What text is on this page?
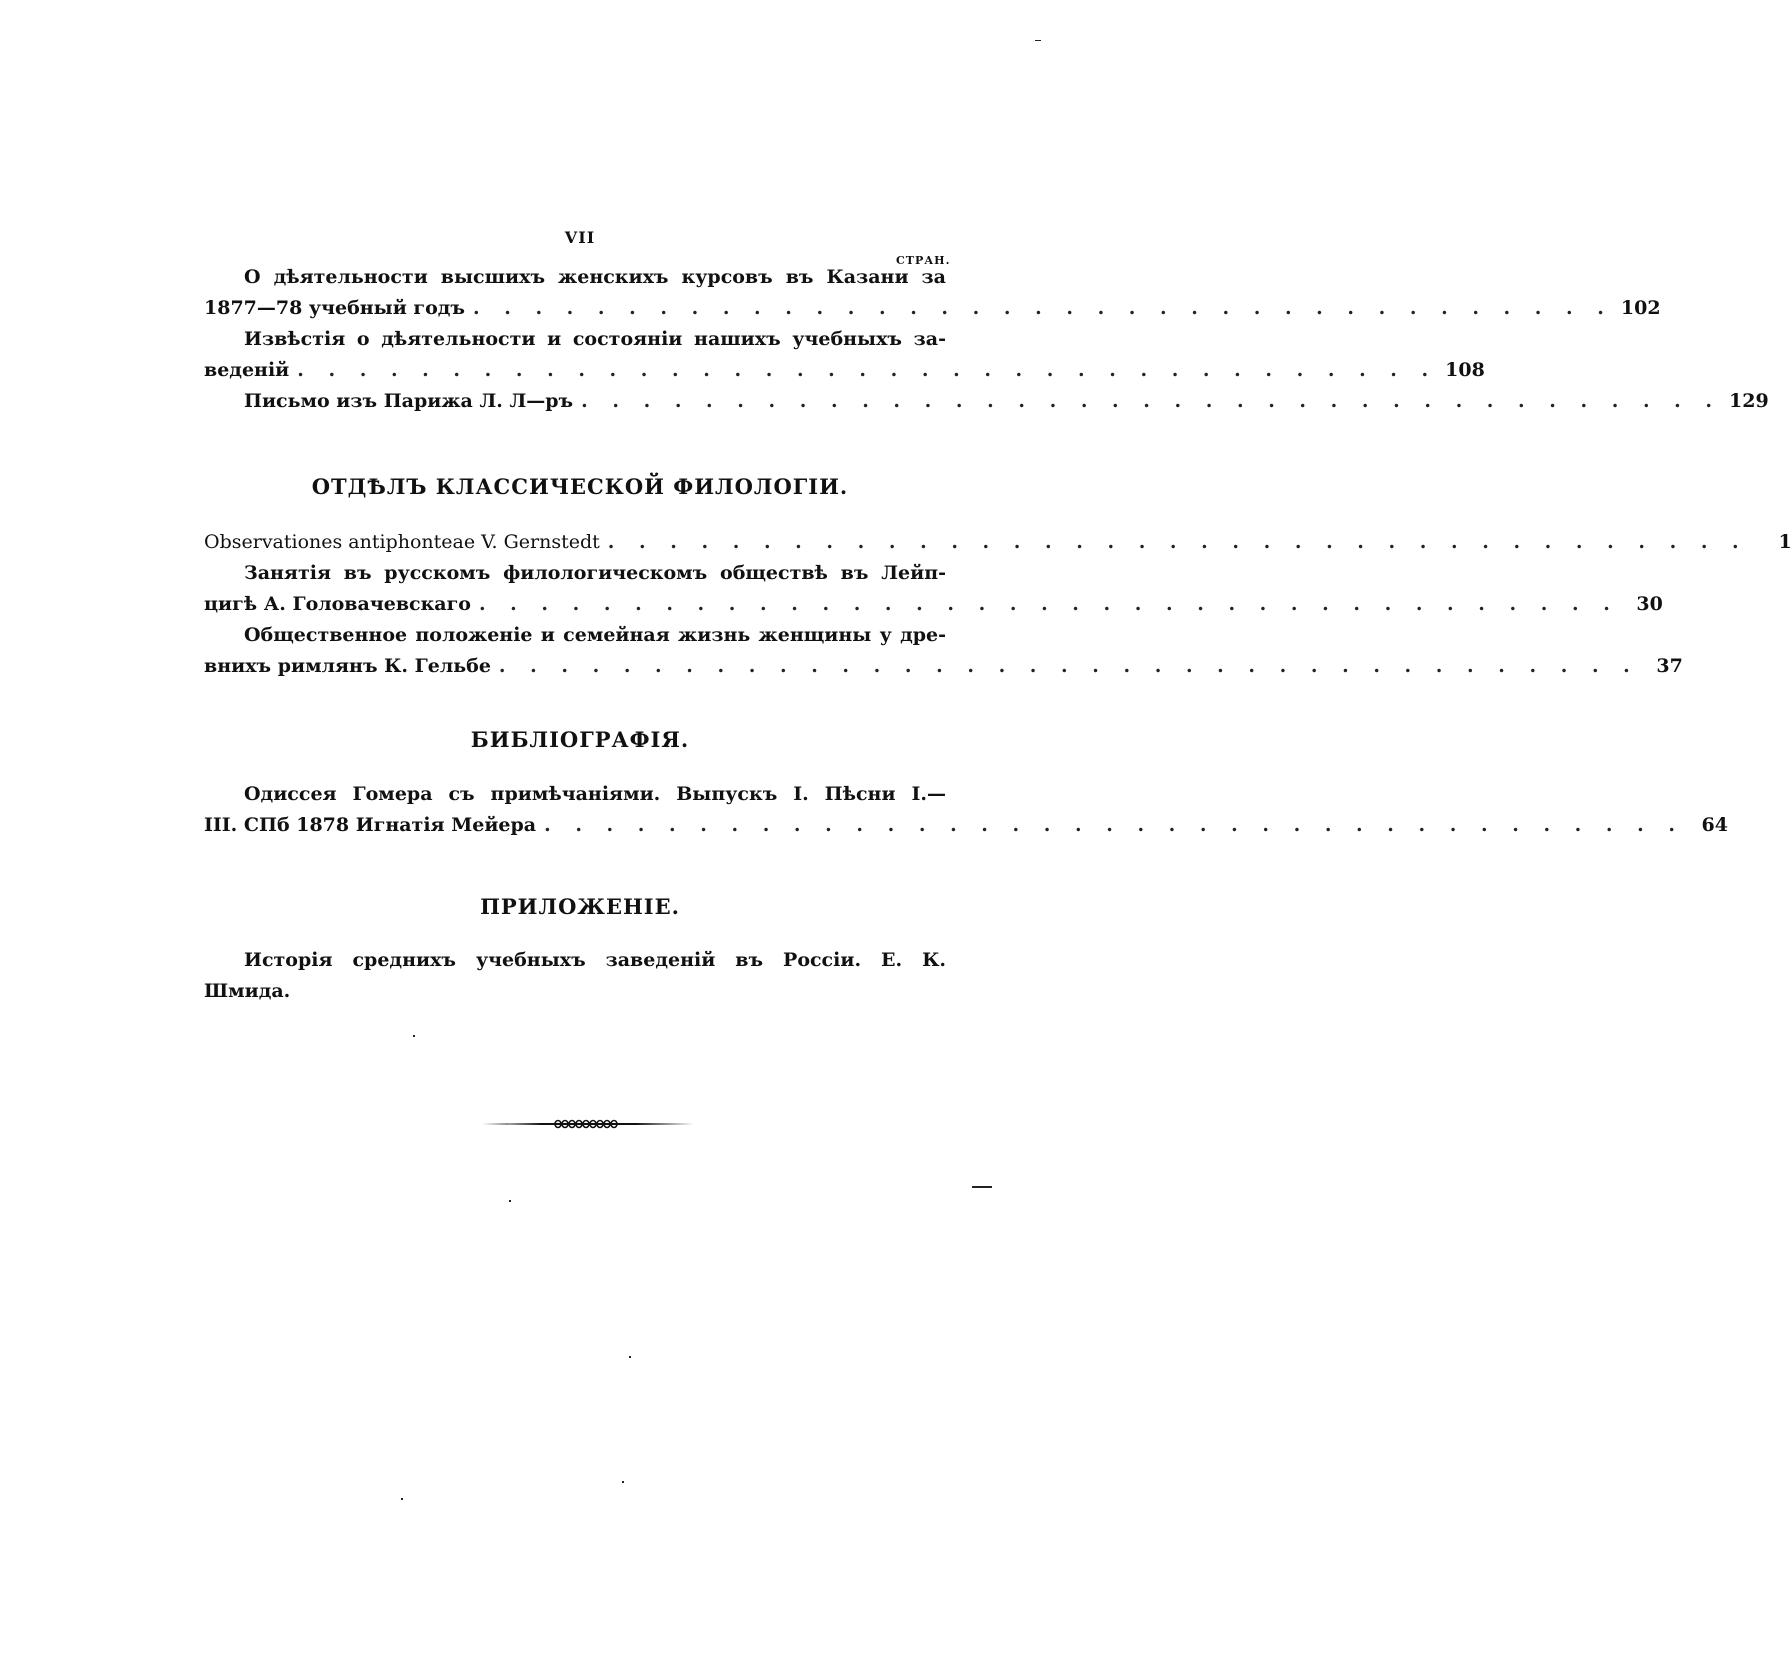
VII
СТРАН.
О дѣятельности высшихъ женскихъ курсовъ въ Казани за
1877—78 учебный годъ . . . . . . . . . . . . . . . . . . . . . . . . . . . . . . . . . . . . . 102
Извѣстія о дѣятельности и состояніи нашихъ учебныхъ за-
веденій . . . . . . . . . . . . . . . . . . . . . . . . . . . . . . . . . . . . . 108
Письмо изъ Парижа Л. Л—ръ . . . . . . . . . . . . . . . . . . . . . . . . . . . . . . . . . . . . . 129
ОТДѢЛЪ КЛАССИЧЕСКОЙ ФИЛОЛОГІИ.
Observationes antiphonteae V. Gernstedt . . . . . . . . . . . . . . . . . . . . . . . . . . . . . . . . . . . . .	1
Занятія въ русскомъ филологическомъ обществѣ въ Лейп-
цигѣ А. Головачевскаго . . . . . . . . . . . . . . . . . . . . . . . . . . . . . . . . . . . . . 30
Общественное положеніе и семейная жизнь женщины у дре-
внихъ римлянъ К. Гельбе . . . . . . . . . . . . . . . . . . . . . . . . . . . . . . . . . . . . . 37
БИБЛІОГРАФІЯ.
Одиссея Гомера съ примѣчаніями. Выпускъ I. Пѣсни I.—
III. СПб 1878 Игнатія Мейера . . . . . . . . . . . . . . . . . . . . . . . . . . . . . . . . . . . . . 64
ПРИЛОЖЕНІЕ.
Исторія среднихъ учебныхъ заведеній въ Россіи. Е. К.
Шмида.
